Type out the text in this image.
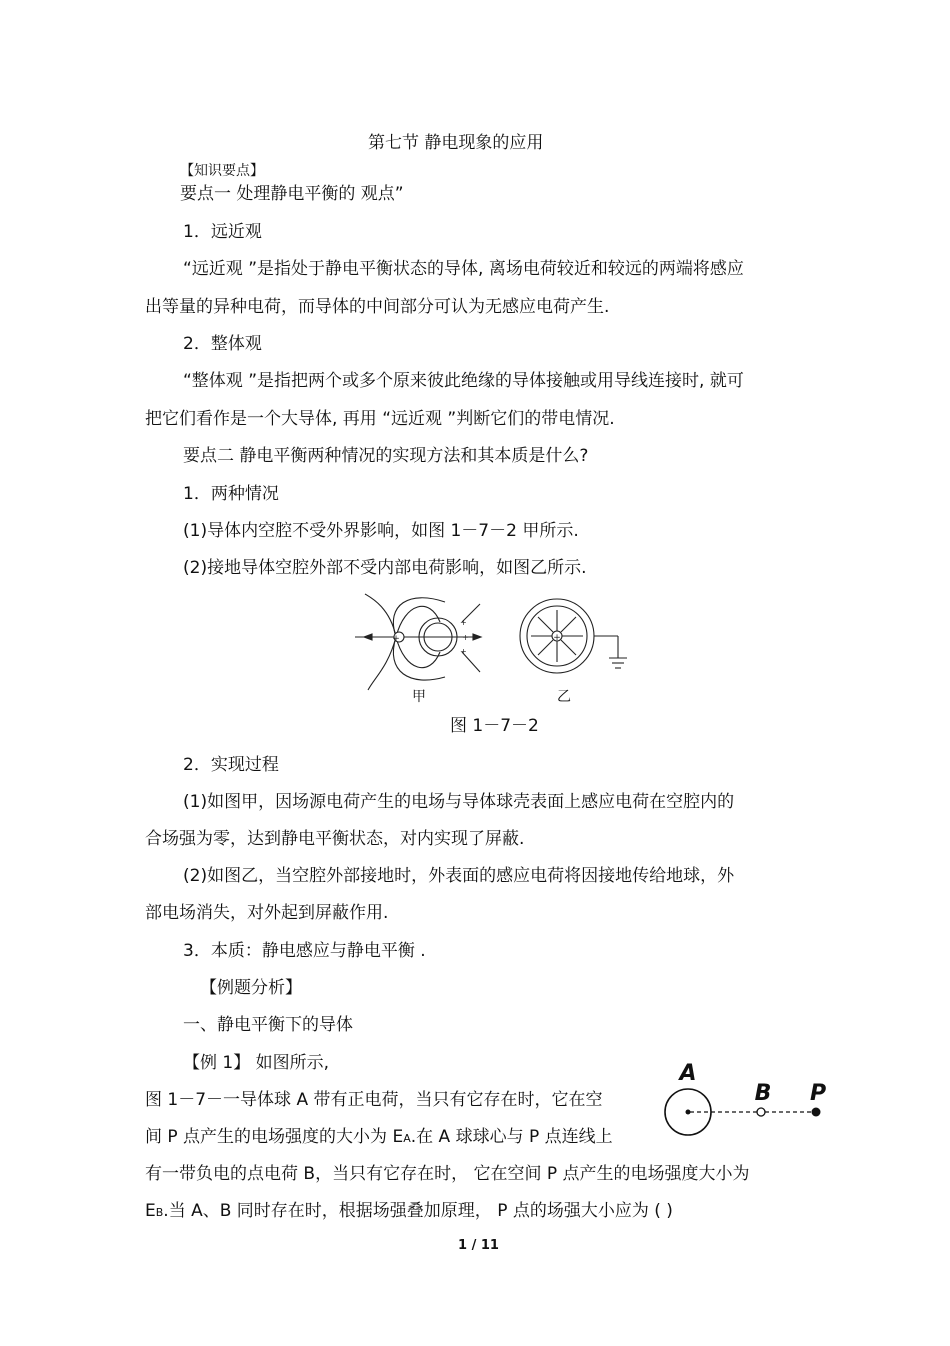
第七节 静电现象的应用
【知识要点】
要点一 处理静电平衡的 观点”
1．远近观
“远近观 ”是指处于静电平衡状态的导体, 离场电荷较近和较远的两端将感应
出等量的异种电荷，而导体的中间部分可认为无感应电荷产生.
2．整体观
“整体观 ”是指把两个或多个原来彼此绝缘的导体接触或用导线连接时, 就可
把它们看作是一个大导体, 再用 “远近观 ”判断它们的带电情况.
要点二 静电平衡两种情况的实现方法和其本质是什么?
1．两种情况
(1)导体内空腔不受外界影响，如图 1－7－2 甲所示.
(2)接地导体空腔外部不受内部电荷影响，如图乙所示.
+
+
+
+
+
甲	乙
图 1－7－2
2．实现过程
(1)如图甲，因场源电荷产生的电场与导体球壳表面上感应电荷在空腔内的
合场强为零，达到静电平衡状态，对内实现了屏蔽.
(2)如图乙，当空腔外部接地时，外表面的感应电荷将因接地传给地球，外
部电场消失，对外起到屏蔽作用.
3．本质：静电感应与静电平衡 .
【例题分析】
一、静电平衡下的导体
【例 1】 如图所示,
图 1－7－一导体球 A 带有正电荷，当只有它存在时，它在空
间 P 点产生的电场强度的大小为 EA.在 A 球球心与 P 点连线上
有一带负电的点电荷 B，当只有它存在时， 它在空间 P 点产生的电场强度大小为
EB.当 A、B 同时存在时，根据场强叠加原理， P 点的场强大小应为 ( )
A
B P
1 / 11
